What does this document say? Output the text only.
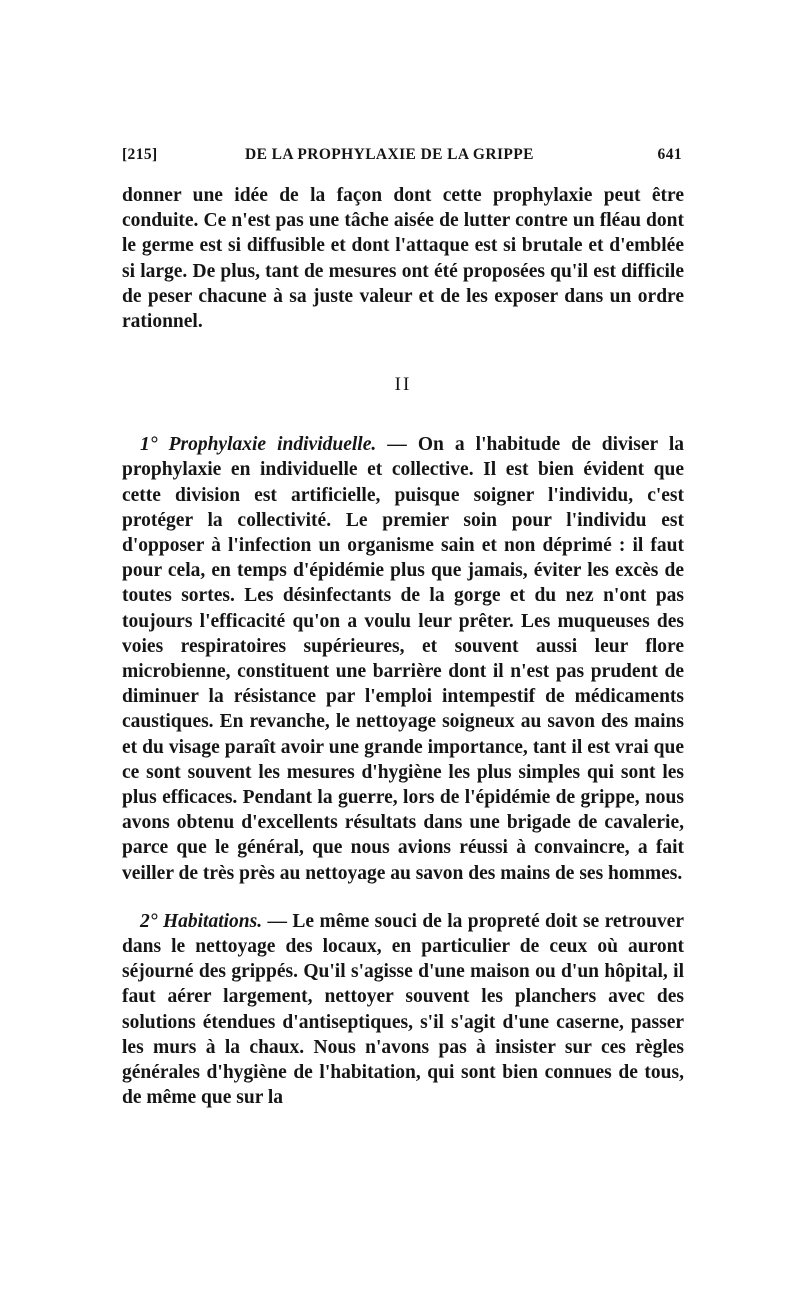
[215]	DE LA PROPHYLAXIE DE LA GRIPPE	641

donner une idée de la façon dont cette prophylaxie peut être conduite. Ce n'est pas une tâche aisée de lutter contre un fléau dont le germe est si diffusible et dont l'attaque est si brutale et d'emblée si large. De plus, tant de mesures ont été proposées qu'il est difficile de peser chacune à sa juste valeur et de les exposer dans un ordre rationnel.

II

1° Prophylaxie individuelle. — On a l'habitude de diviser la prophylaxie en individuelle et collective. Il est bien évident que cette division est artificielle, puisque soigner l'individu, c'est protéger la collectivité. Le premier soin pour l'individu est d'opposer à l'infection un organisme sain et non déprimé : il faut pour cela, en temps d'épidémie plus que jamais, éviter les excès de toutes sortes. Les désinfectants de la gorge et du nez n'ont pas toujours l'efficacité qu'on a voulu leur prêter. Les muqueuses des voies respiratoires supérieures, et souvent aussi leur flore microbienne, constituent une barrière dont il n'est pas prudent de diminuer la résistance par l'emploi intempestif de médicaments caustiques. En revanche, le nettoyage soigneux au savon des mains et du visage paraît avoir une grande importance, tant il est vrai que ce sont souvent les mesures d'hygiène les plus simples qui sont les plus efficaces. Pendant la guerre, lors de l'épidémie de grippe, nous avons obtenu d'excellents résultats dans une brigade de cavalerie, parce que le général, que nous avions réussi à convaincre, a fait veiller de très près au nettoyage au savon des mains de ses hommes.

2° Habitations. — Le même souci de la propreté doit se retrouver dans le nettoyage des locaux, en particulier de ceux où auront séjourné des grippés. Qu'il s'agisse d'une maison ou d'un hôpital, il faut aérer largement, nettoyer souvent les planchers avec des solutions étendues d'antiseptiques, s'il s'agit d'une caserne, passer les murs à la chaux. Nous n'avons pas à insister sur ces règles générales d'hygiène de l'habitation, qui sont bien connues de tous, de même que sur la
